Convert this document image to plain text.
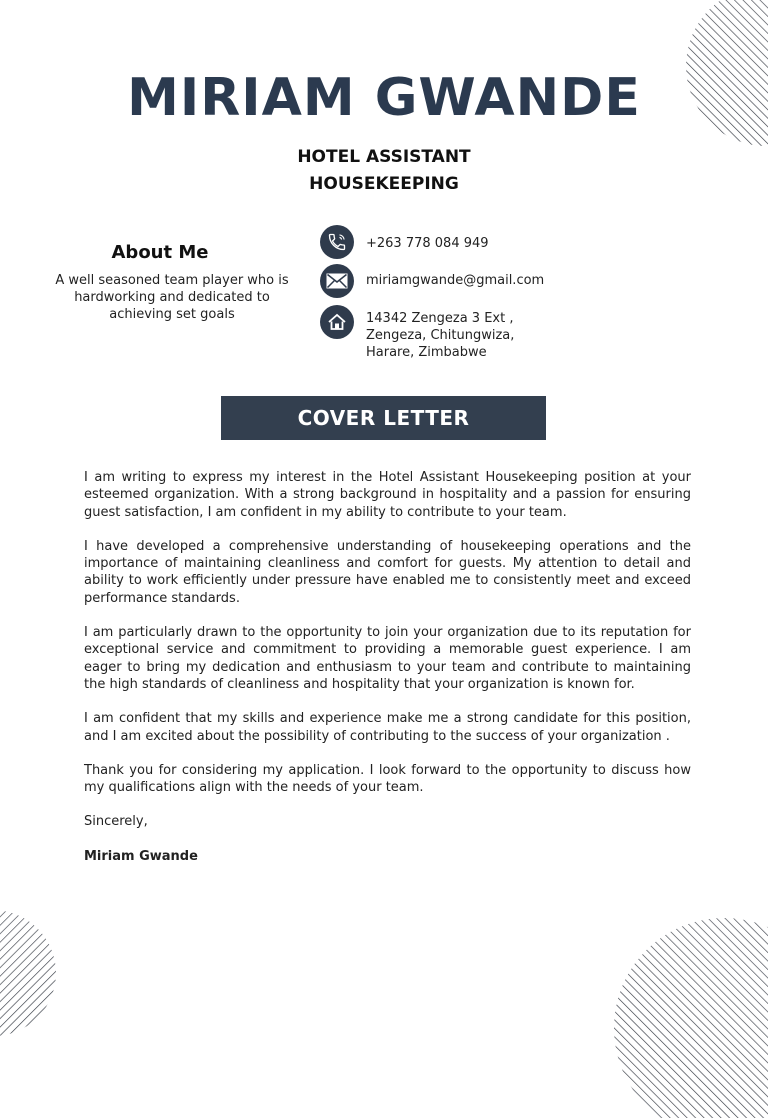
MIRIAM GWANDE
HOTEL ASSISTANT
HOUSEKEEPING
About Me
A well seasoned team player who is hardworking and dedicated to achieving set goals
+263 778 084 949
miriamgwande@gmail.com
14342 Zengeza 3 Ext ,
Zengeza, Chitungwiza,
Harare, Zimbabwe
COVER LETTER

I am writing to express my interest in the Hotel Assistant Housekeeping position at your esteemed organization. With a strong background in hospitality and a passion for ensuring guest satisfaction, I am confident in my ability to contribute to your team.

I have developed a comprehensive understanding of housekeeping operations and the importance of maintaining cleanliness and comfort for guests. My attention to detail and ability to work efficiently under pressure have enabled me to consistently meet and exceed performance standards.

I am particularly drawn to the opportunity to join your organization due to its reputation for exceptional service and commitment to providing a memorable guest experience. I am eager to bring my dedication and enthusiasm to your team and contribute to maintaining the high standards of cleanliness and hospitality that your organization is known for.

I am confident that my skills and experience make me a strong candidate for this position, and I am excited about the possibility of contributing to the success of your organization .

Thank you for considering my application. I look forward to the opportunity to discuss how my qualifications align with the needs of your team.

Sincerely,

Miriam Gwande
